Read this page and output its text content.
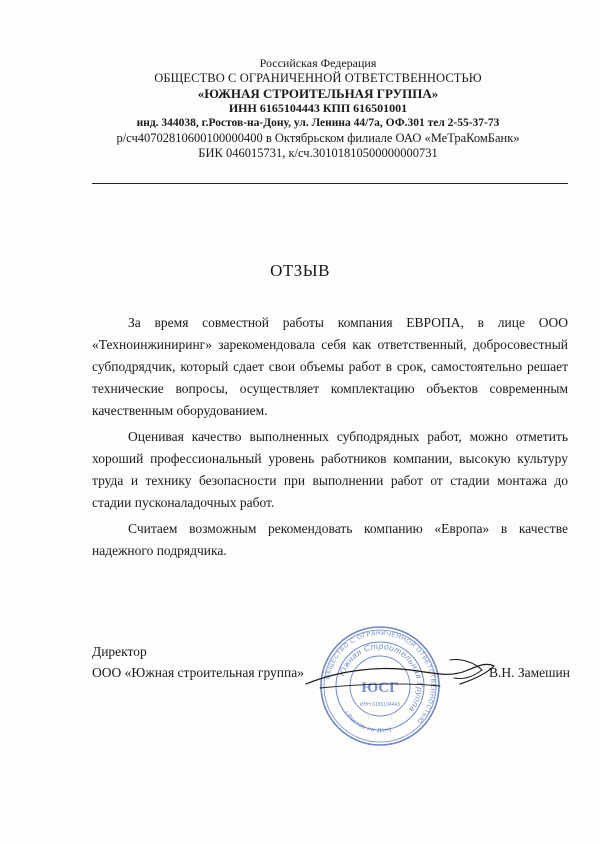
Российская Федерация
ОБЩЕСТВО С ОГРАНИЧЕННОЙ ОТВЕТСТВЕННОСТЬЮ
«ЮЖНАЯ СТРОИТЕЛЬНАЯ ГРУППА»
ИНН 6165104443 КПП 616501001
инд. 344038, г.Ростов-на-Дону, ул. Ленина 44/7а, ОФ.301 тел 2-55-37-73
р/сч40702810600100000400 в Октябрьском филиале ОАО «МеТраКомБанк»
БИК 046015731, к/сч.30101810500000000731
ОТЗЫВ

За время совместной работы компания ЕВРОПА, в лице ООО «Техноинжиниринг» зарекомендовала себя как ответственный, добросовестный субподрядчик, который сдает свои объемы работ в срок, самостоятельно решает технические вопросы, осуществляет комплектацию объектов современным качественным оборудованием.

Оценивая качество выполненных субподрядных работ, можно отметить хороший профессиональный уровень работников компании, высокую культуру труда и технику безопасности при выполнении работ от стадии монтажа до стадии пусконаладочных работ.

Считаем возможным рекомендовать компанию «Европа» в качестве надежного подрядчика.

ОБЩЕСТВО С ОГРАНИЧЕННОЙ ОТВЕТСТВЕННОСТЬЮ
Южная Строительная Группа
ЮСГ
ИНН 6165104443
г.Ростов-на-Дону
Директор
ООО «Южная строительная группа»	В.Н. Замешин
